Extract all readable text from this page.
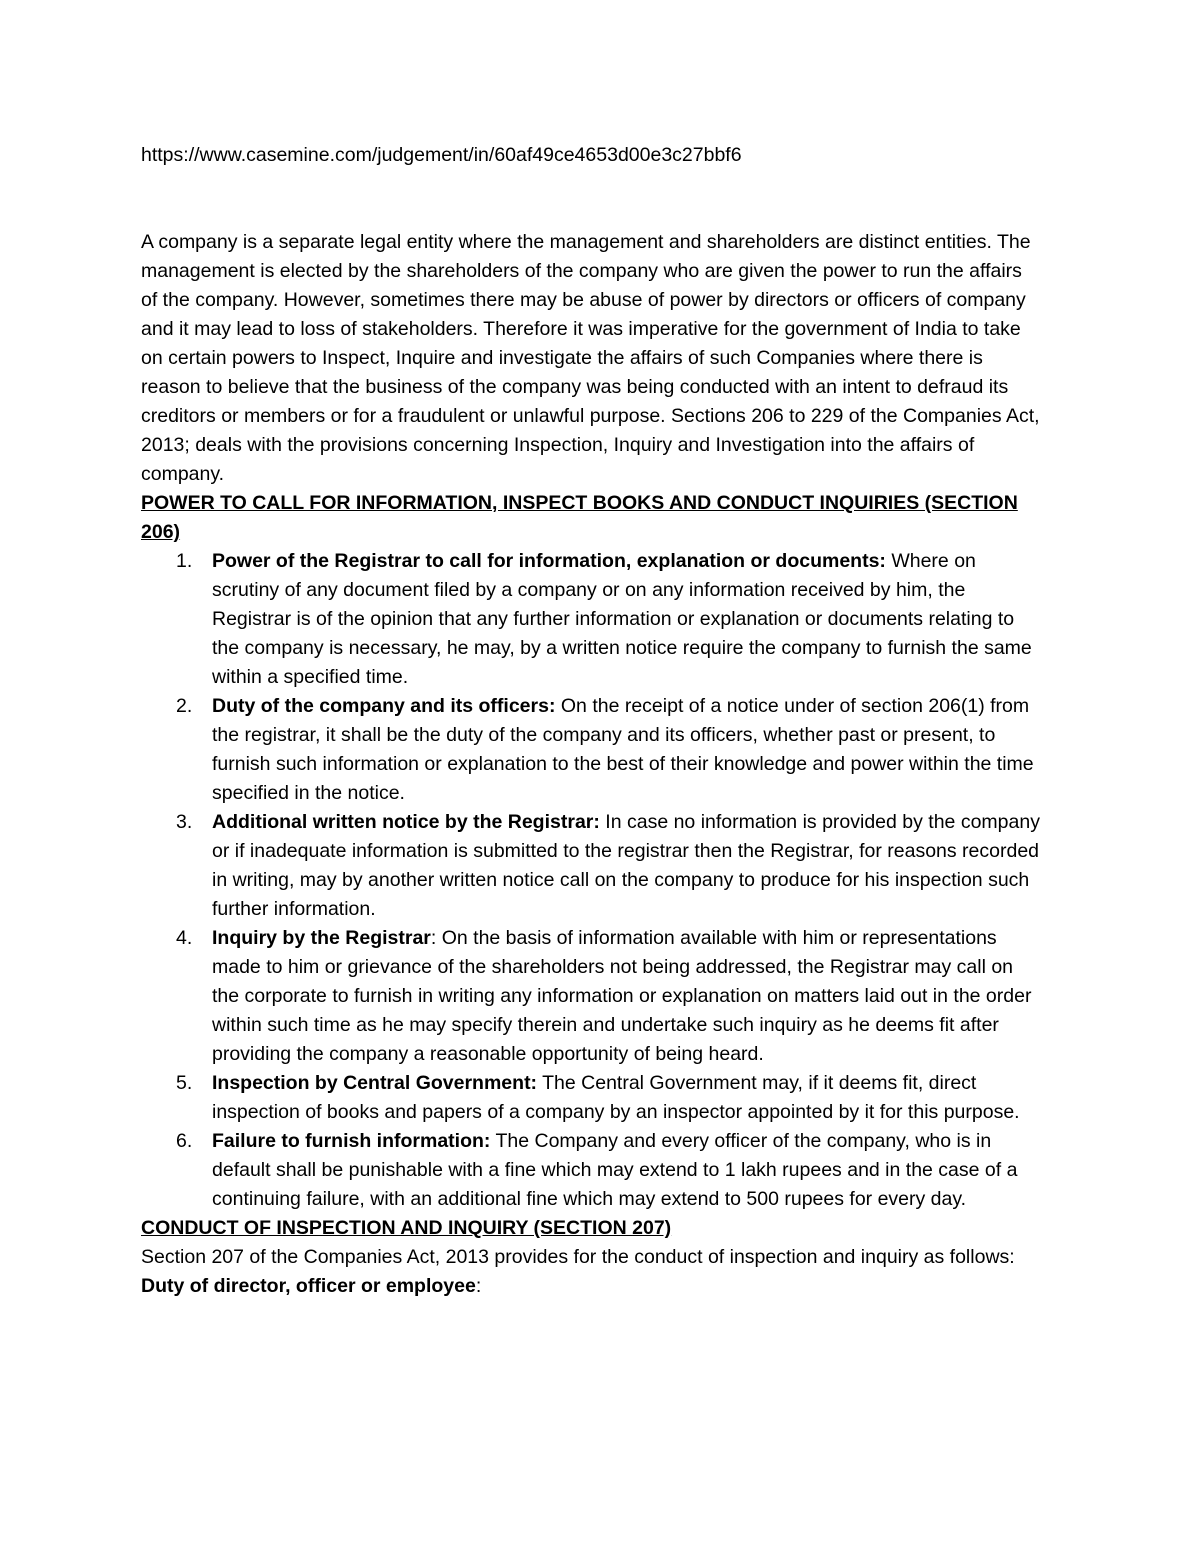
https://www.casemine.com/judgement/in/60af49ce4653d00e3c27bbf6

A company is a separate legal entity where the management and shareholders are distinct entities. The management is elected by the shareholders of the company who are given the power to run the affairs of the company. However, sometimes there may be abuse of power by directors or officers of company and it may lead to loss of stakeholders. Therefore it was imperative for the government of India to take on certain powers to Inspect, Inquire and investigate the affairs of such Companies where there is reason to believe that the business of the company was being conducted with an intent to defraud its creditors or members or for a fraudulent or unlawful purpose. Sections 206 to 229 of the Companies Act, 2013; deals with the provisions concerning Inspection, Inquiry and Investigation into the affairs of company.

POWER TO CALL FOR INFORMATION, INSPECT BOOKS AND CONDUCT INQUIRIES (SECTION 206)

1. Power of the Registrar to call for information, explanation or documents: Where on scrutiny of any document filed by a company or on any information received by him, the Registrar is of the opinion that any further information or explanation or documents relating to the company is necessary, he may, by a written notice require the company to furnish the same within a specified time.
2. Duty of the company and its officers: On the receipt of a notice under of section 206(1) from the registrar, it shall be the duty of the company and its officers, whether past or present, to furnish such information or explanation to the best of their knowledge and power within the time specified in the notice.
3. Additional written notice by the Registrar: In case no information is provided by the company or if inadequate information is submitted to the registrar then the Registrar, for reasons recorded in writing, may by another written notice call on the company to produce for his inspection such further information.
4. Inquiry by the Registrar: On the basis of information available with him or representations made to him or grievance of the shareholders not being addressed, the Registrar may call on the corporate to furnish in writing any information or explanation on matters laid out in the order within such time as he may specify therein and undertake such inquiry as he deems fit after providing the company a reasonable opportunity of being heard.
5. Inspection by Central Government: The Central Government may, if it deems fit, direct inspection of books and papers of a company by an inspector appointed by it for this purpose.
6. Failure to furnish information: The Company and every officer of the company, who is in default shall be punishable with a fine which may extend to 1 lakh rupees and in the case of a continuing failure, with an additional fine which may extend to 500 rupees for every day.

CONDUCT OF INSPECTION AND INQUIRY (SECTION 207)

Section 207 of the Companies Act, 2013 provides for the conduct of inspection and inquiry as follows:

Duty of director, officer or employee:
